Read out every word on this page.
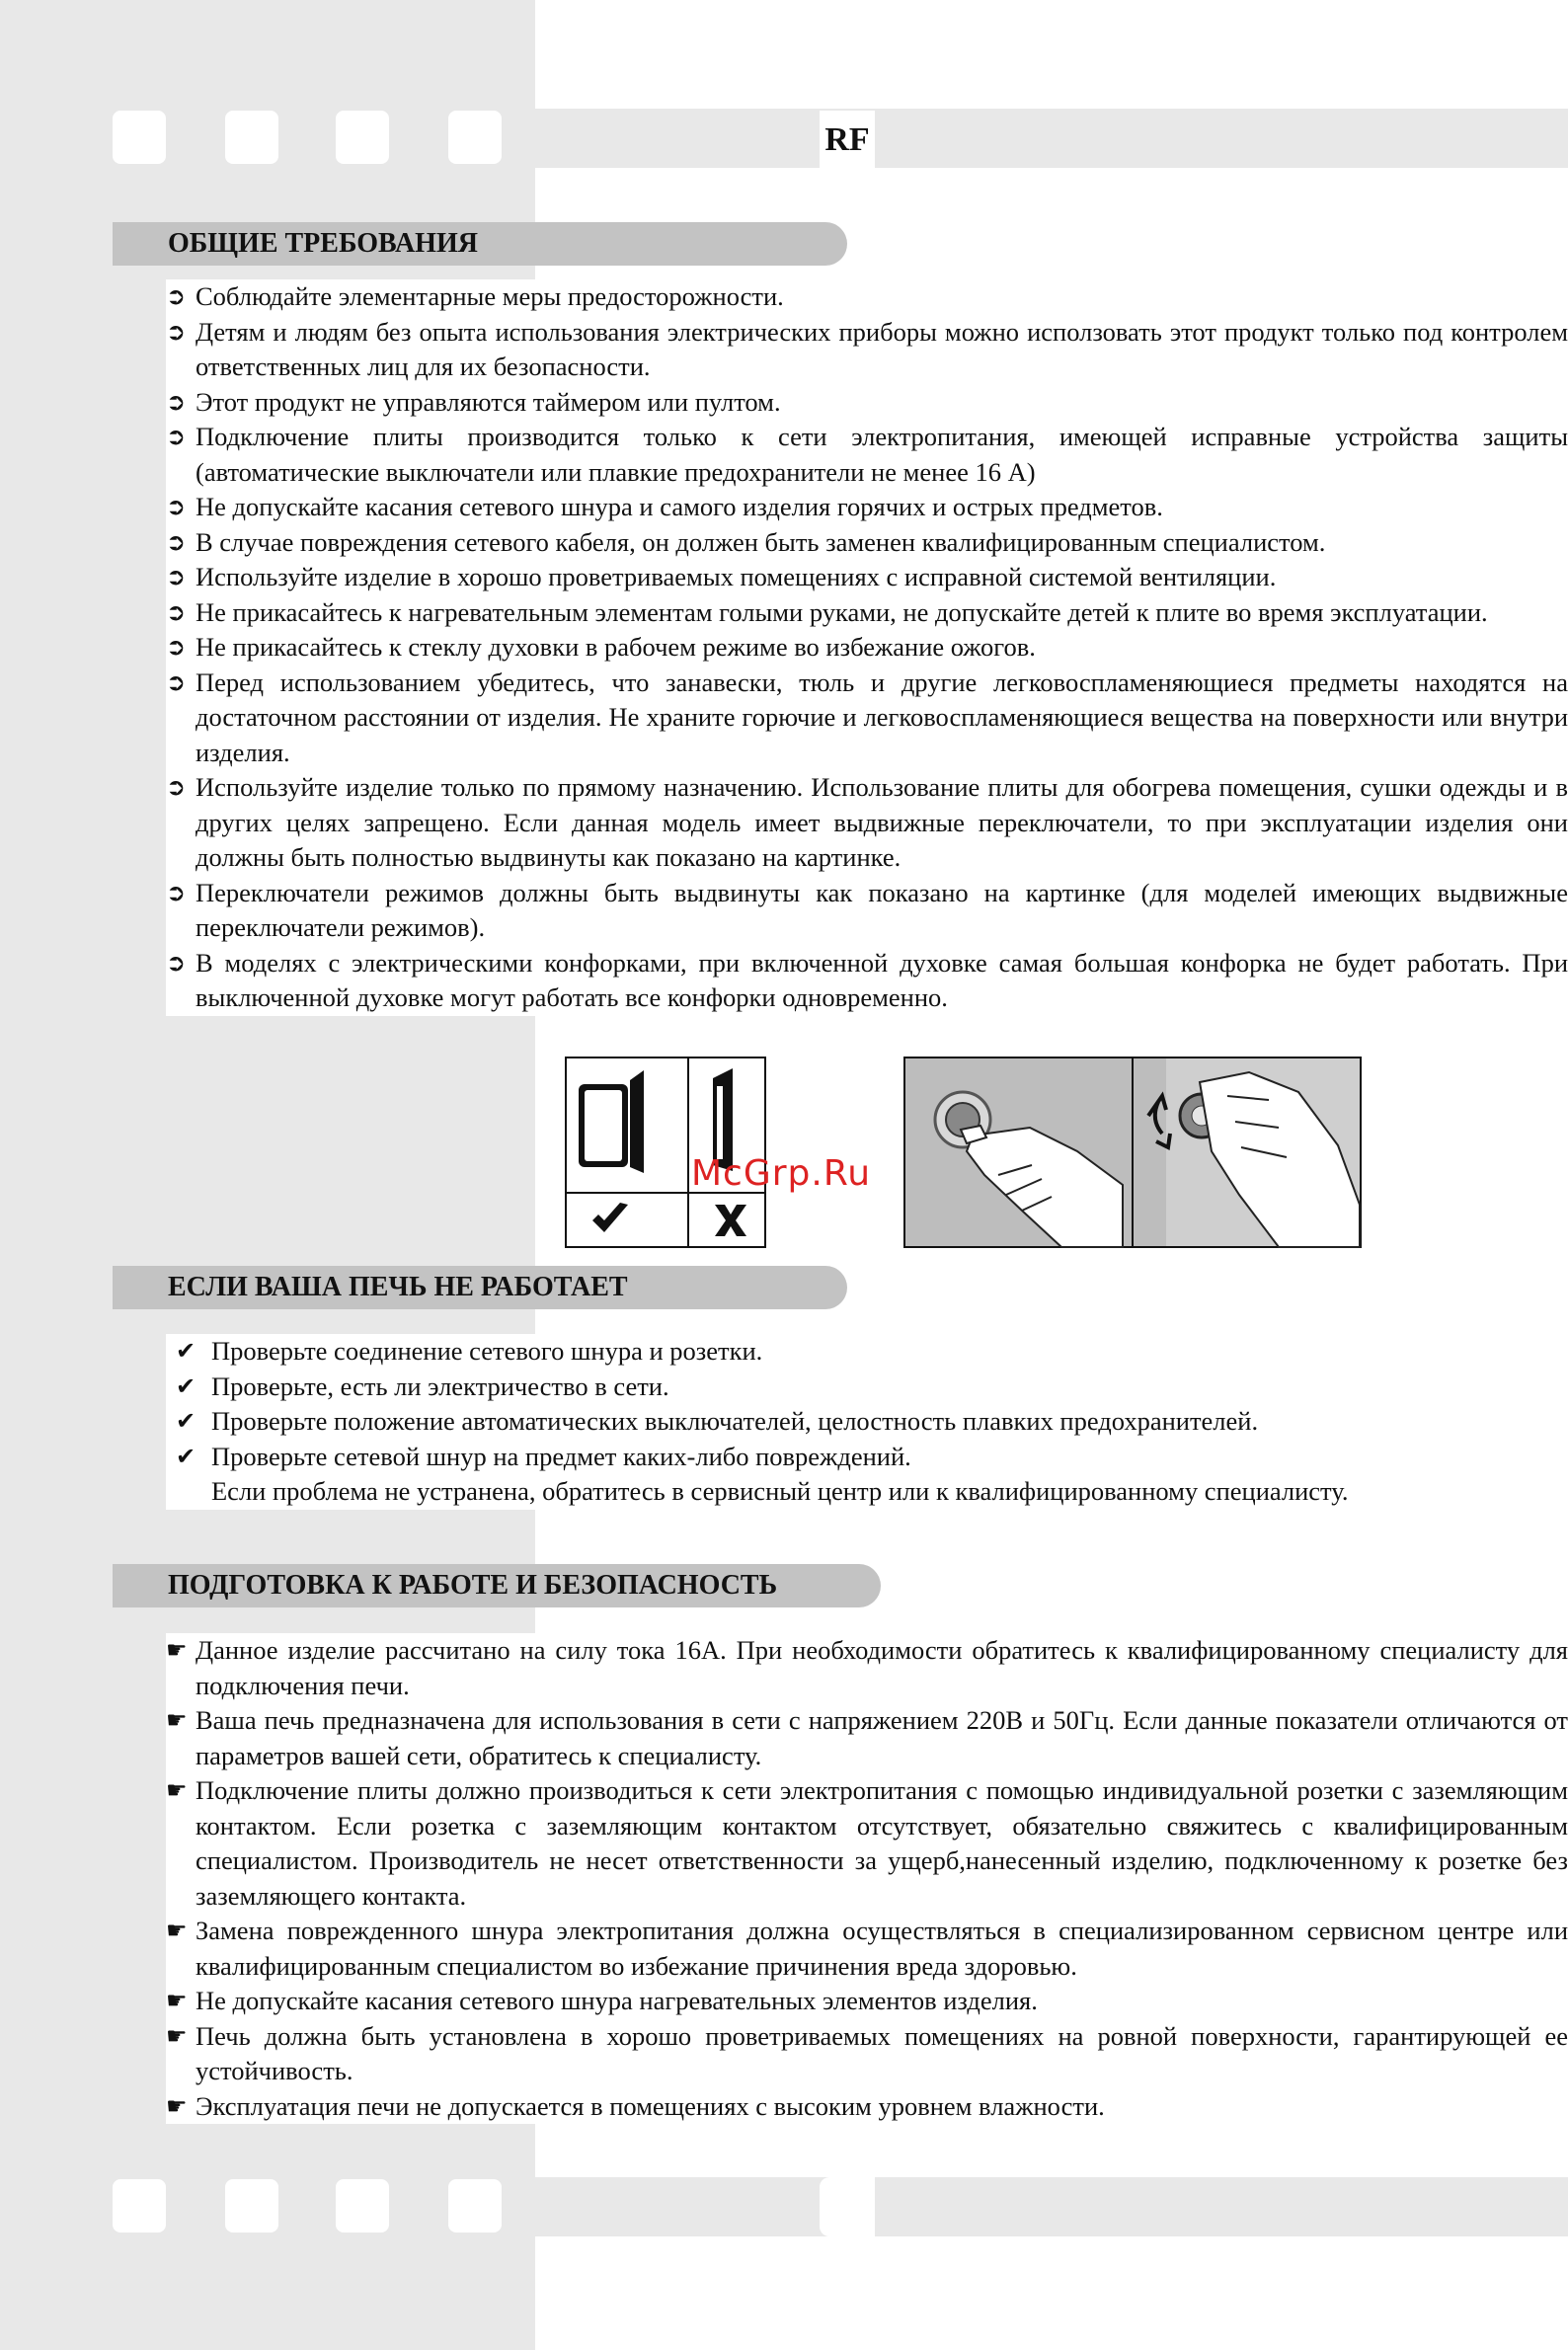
RF
ОБЩИЕ ТРЕБОВАНИЯ
➲ Соблюдайте элементарные меры предосторожности.
➲ Детям и людям без опыта использования электрических приборы можно исползовать этот продукт только под контролем ответственных лиц для их безопасности.
➲ Этот продукт не управляются таймером или пултом.
➲ Подключение плиты производится только к сети электропитания, имеющей исправные устройства защиты (автоматические выключатели или плавкие предохранители не менее 16 А)
➲ Не допускайте касания сетевого шнура и самого изделия горячих и острых предметов.
➲ В случае повреждения сетевого кабеля, он должен быть заменен квалифицированным специалистом.
➲ Используйте изделие в хорошо проветриваемых помещениях с исправной системой вентиляции.
➲ Не прикасайтесь к нагревательным элементам голыми руками, не допускайте детей к плите во время эксплуатации.
➲ Не прикасайтесь к стеклу духовки в рабочем режиме во избежание ожогов.
➲ Перед использованием убедитесь, что занавески, тюль и другие легковоспламеняющиеся предметы находятся на достаточном расстоянии от изделия. Не храните горючие и легковоспламеняющиеся вещества на поверхности или внутри изделия.
➲ Используйте изделие только по прямому назначению. Использование плиты для обогрева помещения, сушки одежды и в других целях запрещено. Если данная модель имеет выдвижные переключатели, то при эксплуатации изделия они должны быть полностью выдвинуты как показано на картинке.
➲ Переключатели режимов должны быть выдвинуты как показано на картинке (для моделей имеющих выдвижные переключатели режимов).
➲ В моделях с электрическими конфорками, при включенной духовке самая большая конфорка не будет работать. При выключенной духовке могут работать все конфорки одновременно.
McGrp.Ru
ЕСЛИ ВАША ПЕЧЬ НЕ РАБОТАЕТ
✔ Проверьте соединение сетевого шнура и розетки.
✔ Проверьте, есть ли электричество в сети.
✔ Проверьте положение автоматических выключателей, целостность плавких предохранителей.
✔ Проверьте сетевой шнур на предмет каких-либо повреждений.
Если проблема не устранена, обратитесь в сервисный центр или к квалифицированному специалисту.
ПОДГОТОВКА К РАБОТЕ И БЕЗОПАСНОСТЬ
☛ Данное изделие рассчитано на силу тока 16А. При необходимости обратитесь к квалифицированному специалисту для подключения печи.
☛ Ваша печь предназначена для использования в сети с напряжением 220В и 50Гц. Если данные показатели отличаются от параметров вашей сети, обратитесь к специалисту.
☛ Подключение плиты должно производиться к сети электропитания с помощью индивидуальной розетки с заземляющим контактом. Если розетка с заземляющим контактом отсутствует, обязательно свяжитесь с квалифицированным специалистом. Производитель не несет ответственности за ущерб,нанесенный изделию, подключенному к розетке без заземляющего контакта.
☛ Замена поврежденного шнура электропитания должна осуществляться в специализированном сервисном центре или квалифицированным специалистом во избежание причинения вреда здоровью.
☛ Не допускайте касания сетевого шнура нагревательных элементов изделия.
☛ Печь должна быть установлена в хорошо проветриваемых помещениях на ровной поверхности, гарантирующей ее устойчивость.
☛ Эксплуатация печи не допускается в помещениях с высоким уровнем влажности.
